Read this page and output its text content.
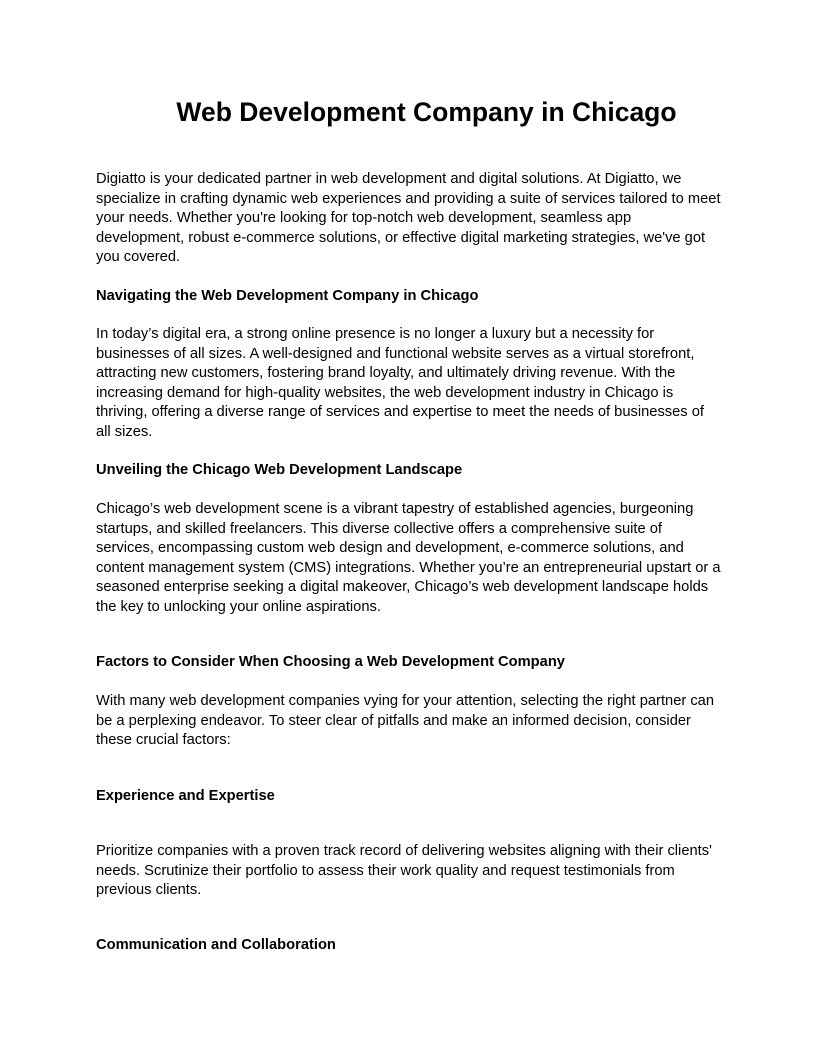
Web Development Company in Chicago
Digiatto is your dedicated partner in web development and digital solutions. At Digiatto, we
specialize in crafting dynamic web experiences and providing a suite of services tailored to meet
your needs. Whether you're looking for top-notch web development, seamless app
development, robust e-commerce solutions, or effective digital marketing strategies, we've got
you covered.
Navigating the Web Development Company in Chicago
In today’s digital era, a strong online presence is no longer a luxury but a necessity for
businesses of all sizes. A well-designed and functional website serves as a virtual storefront,
attracting new customers, fostering brand loyalty, and ultimately driving revenue. With the
increasing demand for high-quality websites, the web development industry in Chicago is
thriving, offering a diverse range of services and expertise to meet the needs of businesses of
all sizes.
Unveiling the Chicago Web Development Landscape
Chicago’s web development scene is a vibrant tapestry of established agencies, burgeoning
startups, and skilled freelancers. This diverse collective offers a comprehensive suite of
services, encompassing custom web design and development, e-commerce solutions, and
content management system (CMS) integrations. Whether you’re an entrepreneurial upstart or a
seasoned enterprise seeking a digital makeover, Chicago’s web development landscape holds
the key to unlocking your online aspirations.
Factors to Consider When Choosing a Web Development Company
With many web development companies vying for your attention, selecting the right partner can
be a perplexing endeavor. To steer clear of pitfalls and make an informed decision, consider
these crucial factors:
Experience and Expertise
Prioritize companies with a proven track record of delivering websites aligning with their clients'
needs. Scrutinize their portfolio to assess their work quality and request testimonials from
previous clients.
Communication and Collaboration
